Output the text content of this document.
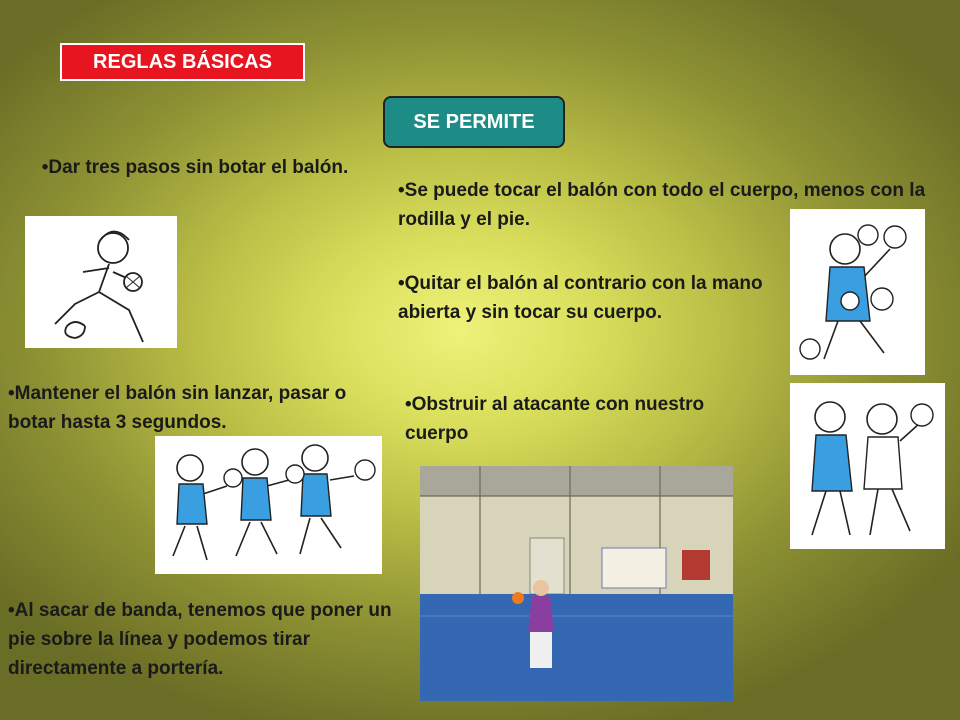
REGLAS BÁSICAS
SE PERMITE

•Dar tres pasos sin botar el balón.

•Mantener el balón sin lanzar, pasar o botar hasta 3 segundos.

•Al sacar de banda, tenemos que poner un pie sobre la línea y podemos tirar directamente a portería.

•Se puede tocar el balón con todo el cuerpo, menos con la rodilla y el pie.

•Quitar el balón al contrario con la mano abierta y sin tocar su cuerpo.

•Obstruir al atacante con nuestro cuerpo
